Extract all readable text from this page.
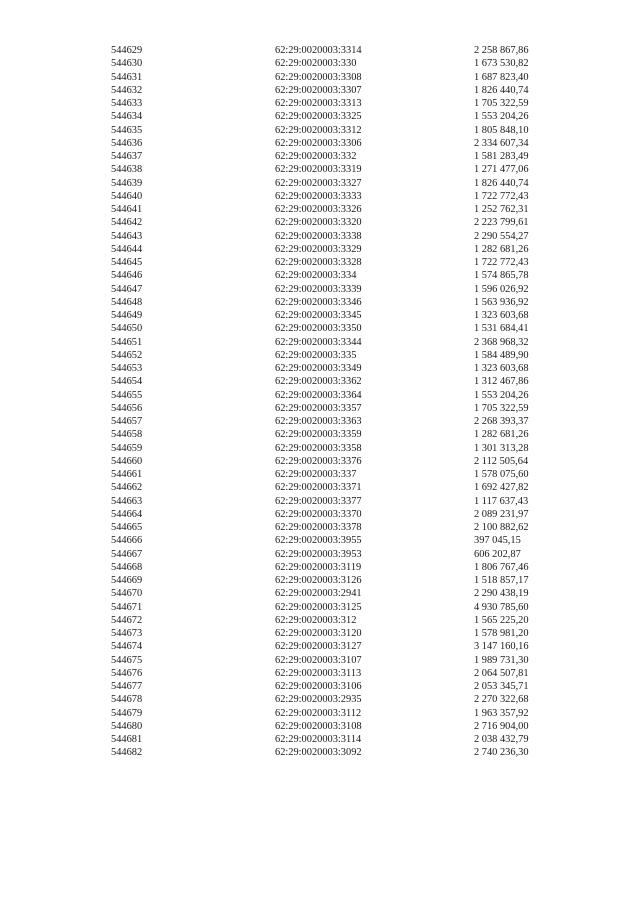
544629	62:29:0020003:3314	2 258 867,86
544630	62:29:0020003:330	1 673 530,82
544631	62:29:0020003:3308	1 687 823,40
544632	62:29:0020003:3307	1 826 440,74
544633	62:29:0020003:3313	1 705 322,59
544634	62:29:0020003:3325	1 553 204,26
544635	62:29:0020003:3312	1 805 848,10
544636	62:29:0020003:3306	2 334 607,34
544637	62:29:0020003:332	1 581 283,49
544638	62:29:0020003:3319	1 271 477,06
544639	62:29:0020003:3327	1 826 440,74
544640	62:29:0020003:3333	1 722 772,43
544641	62:29:0020003:3326	1 252 762,31
544642	62:29:0020003:3320	2 223 799,61
544643	62:29:0020003:3338	2 290 554,27
544644	62:29:0020003:3329	1 282 681,26
544645	62:29:0020003:3328	1 722 772,43
544646	62:29:0020003:334	1 574 865,78
544647	62:29:0020003:3339	1 596 026,92
544648	62:29:0020003:3346	1 563 936,92
544649	62:29:0020003:3345	1 323 603,68
544650	62:29:0020003:3350	1 531 684,41
544651	62:29:0020003:3344	2 368 968,32
544652	62:29:0020003:335	1 584 489,90
544653	62:29:0020003:3349	1 323 603,68
544654	62:29:0020003:3362	1 312 467,86
544655	62:29:0020003:3364	1 553 204,26
544656	62:29:0020003:3357	1 705 322,59
544657	62:29:0020003:3363	2 268 393,37
544658	62:29:0020003:3359	1 282 681,26
544659	62:29:0020003:3358	1 301 313,28
544660	62:29:0020003:3376	2 112 505,64
544661	62:29:0020003:337	1 578 075,60
544662	62:29:0020003:3371	1 692 427,82
544663	62:29:0020003:3377	1 117 637,43
544664	62:29:0020003:3370	2 089 231,97
544665	62:29:0020003:3378	2 100 882,62
544666	62:29:0020003:3955	397 045,15
544667	62:29:0020003:3953	606 202,87
544668	62:29:0020003:3119	1 806 767,46
544669	62:29:0020003:3126	1 518 857,17
544670	62:29:0020003:2941	2 290 438,19
544671	62:29:0020003:3125	4 930 785,60
544672	62:29:0020003:312	1 565 225,20
544673	62:29:0020003:3120	1 578 981,20
544674	62:29:0020003:3127	3 147 160,16
544675	62:29:0020003:3107	1 989 731,30
544676	62:29:0020003:3113	2 064 507,81
544677	62:29:0020003:3106	2 053 345,71
544678	62:29:0020003:2935	2 270 322,68
544679	62:29:0020003:3112	1 963 357,92
544680	62:29:0020003:3108	2 716 904,00
544681	62:29:0020003:3114	2 038 432,79
544682	62:29:0020003:3092	2 740 236,30
